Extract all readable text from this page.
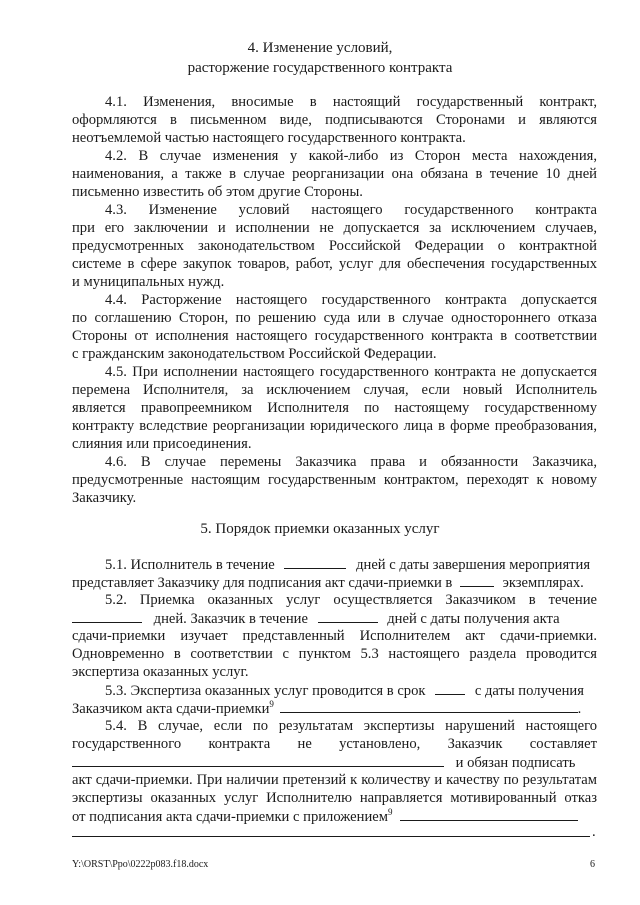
4. Изменение условий,
расторжение государственного контракта
4.1. Изменения, вносимые в настоящий государственный контракт,
оформляются в письменном виде, подписываются Сторонами и являются
неотъемлемой частью настоящего государственного контракта.
4.2. В случае изменения у какой-либо из Сторон места нахождения,
наименования, а также в случае реорганизации она обязана в течение 10 дней
письменно известить об этом другие Стороны.
4.3. Изменение условий настоящего государственного контракта
при его заключении и исполнении не допускается за исключением случаев,
предусмотренных законодательством Российской Федерации о контрактной
системе в сфере закупок товаров, работ, услуг для обеспечения государственных
и муниципальных нужд.
4.4. Расторжение настоящего государственного контракта допускается
по соглашению Сторон, по решению суда или в случае одностороннего отказа
Стороны от исполнения настоящего государственного контракта в соответствии
с гражданским законодательством Российской Федерации.
4.5. При исполнении настоящего государственного контракта не допускается
перемена Исполнителя, за исключением случая, если новый Исполнитель
является правопреемником Исполнителя по настоящему государственному
контракту вследствие реорганизации юридического лица в форме преобразования,
слияния или присоединения.
4.6. В случае перемены Заказчика права и обязанности Заказчика,
предусмотренные настоящим государственным контрактом, переходят к новому
Заказчику.
5. Порядок приемки оказанных услуг
5.1. Исполнитель в течение	дней с даты завершения мероприятия
представляет Заказчику для подписания акт сдачи-приемки в	экземплярах.
5.2. Приемка оказанных услуг осуществляется Заказчиком в течение
дней. Заказчик в течение	дней с даты получения акта
сдачи-приемки изучает представленный Исполнителем акт сдачи-приемки.
Одновременно в соответствии с пунктом 5.3 настоящего раздела проводится
экспертиза оказанных услуг.
5.3. Экспертиза оказанных услуг проводится в срок	с даты получения
Заказчиком акта сдачи-приемки$^9$	.
5.4. В случае, если по результатам экспертизы нарушений настоящего
государственного контракта не установлено, Заказчик составляет
и обязан подписать
акт сдачи-приемки. При наличии претензий к количеству и качеству по результатам
экспертизы оказанных услуг Исполнителю направляется мотивированный отказ
от подписания акта сдачи-приемки с приложением$^9$
.
Y:\ORST\Ppo\0222p083.f18.docx	6
